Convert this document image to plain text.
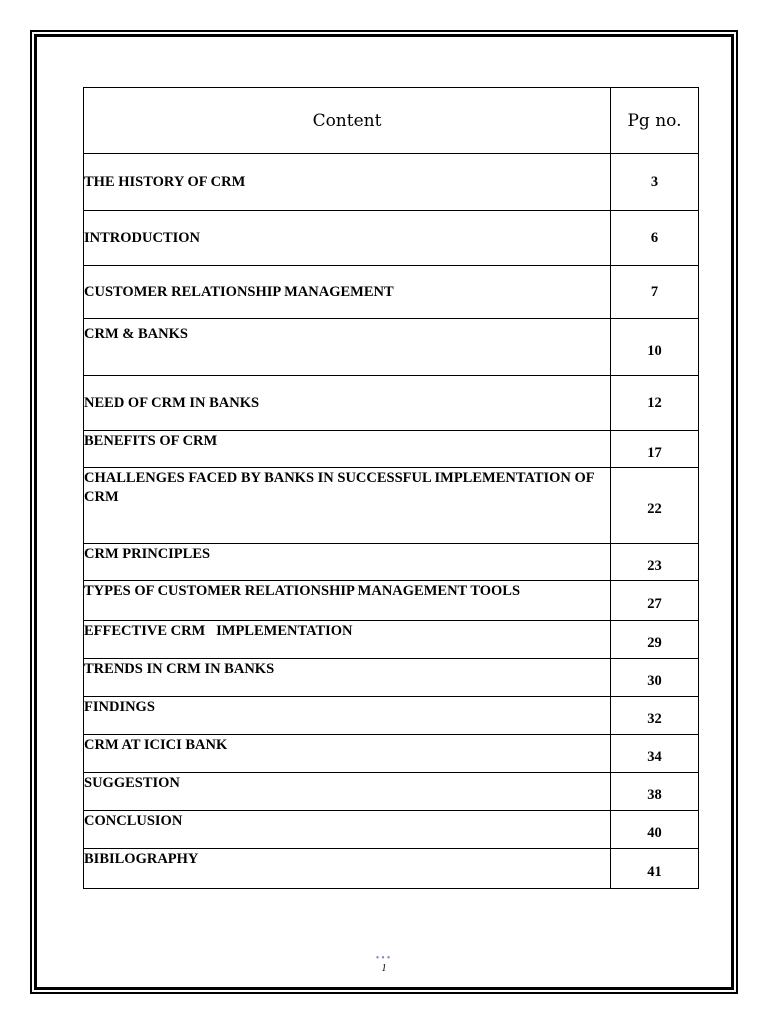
Content	Pg no.
THE HISTORY OF CRM	3
INTRODUCTION	6
CUSTOMER RELATIONSHIP MANAGEMENT	7
CRM & BANKS	10
NEED OF CRM IN BANKS	12
BENEFITS OF CRM	17
CHALLENGES FACED BY BANKS IN SUCCESSFUL IMPLEMENTATION OF CRM	22
CRM PRINCIPLES	23
TYPES OF CUSTOMER RELATIONSHIP MANAGEMENT TOOLS	27
EFFECTIVE CRM   IMPLEMENTATION	29
TRENDS IN CRM IN BANKS	30
FINDINGS	32
CRM AT ICICI BANK	34
SUGGESTION	38
CONCLUSION	40
BIBILOGRAPHY	41
•••
1
